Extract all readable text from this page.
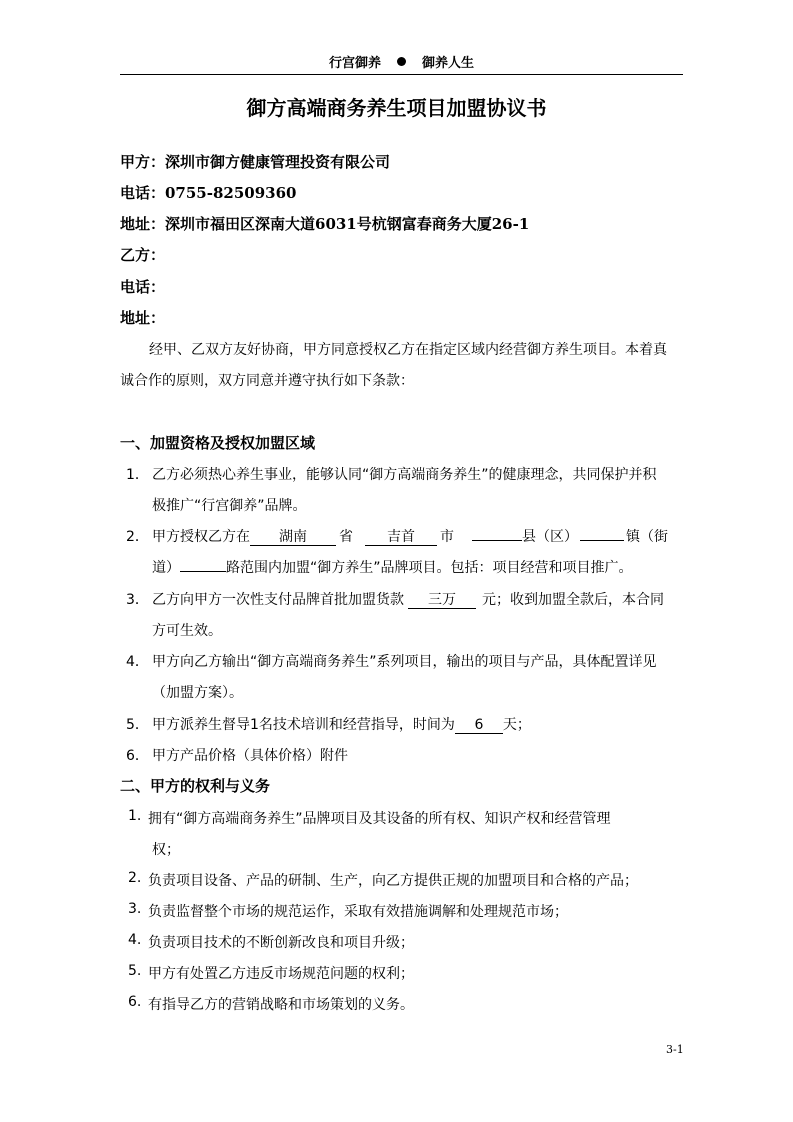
行宫御养	御养人生
御方高端商务养生项目加盟协议书
甲方：深圳市御方健康管理投资有限公司
电话：0755-82509360
地址：深圳市福田区深南大道6031号杭钢富春商务大厦26-1
乙方：
电话：
地址：
经甲、乙双方友好协商，甲方同意授权乙方在指定区域内经营御方养生项目。本着真
诚合作的原则，双方同意并遵守执行如下条款：
一、加盟资格及授权加盟区域
1． 乙方必须热心养生事业，能够认同“御方高端商务养生”的健康理念，共同保护并积
极推广“行宫御养”品牌。
2． 甲方授权乙方在 湖南 省 吉首 市	县（区）	镇（街
道）	路范围内加盟“御方养生”品牌项目。包括：项目经营和项目推广。
3． 乙方向甲方一次性支付品牌首批加盟货款 三万 元；收到加盟全款后，本合同
方可生效。
4． 甲方向乙方输出“御方高端商务养生”系列项目，输出的项目与产品，具体配置详见
（加盟方案）。
5． 甲方派养生督导1名技术培训和经营指导，时间为 6 天；
6． 甲方产品价格（具体价格）附件
二、甲方的权利与义务
1. 拥有“御方高端商务养生”品牌项目及其设备的所有权、知识产权和经营管理
权；
2. 负责项目设备、产品的研制、生产，向乙方提供正规的加盟项目和合格的产品；
3. 负责监督整个市场的规范运作，采取有效措施调解和处理规范市场；
4. 负责项目技术的不断创新改良和项目升级；
5. 甲方有处置乙方违反市场规范问题的权利；
6. 有指导乙方的营销战略和市场策划的义务。
3-1
